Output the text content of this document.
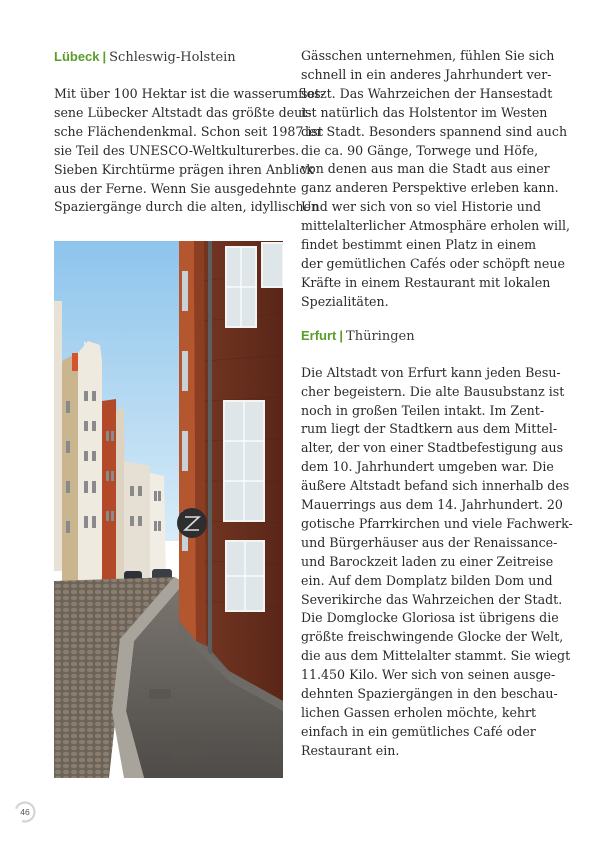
Lübeck | Schleswig-Holstein
Mit über 100 Hektar ist die wasserumflos-
sene Lübecker Altstadt das größte deut-
sche Flächendenkmal. Schon seit 1987 ist
sie Teil des UNESCO-Weltkulturerbes.
Sieben Kirchtürme prägen ihren Anblick
aus der Ferne. Wenn Sie ausgedehnte
Spaziergänge durch die alten, idyllischen
Gässchen unternehmen, fühlen Sie sich
schnell in ein anderes Jahrhundert ver-
setzt. Das Wahrzeichen der Hansestadt
ist natürlich das Holstentor im Westen
der Stadt. Besonders spannend sind auch
die ca. 90 Gänge, Torwege und Höfe,
von denen aus man die Stadt aus einer
ganz anderen Perspektive erleben kann.
Und wer sich von so viel Historie und
mittelalterlicher Atmosphäre erholen will,
findet bestimmt einen Platz in einem
der gemütlichen Cafés oder schöpft neue
Kräfte in einem Restaurant mit lokalen
Spezialitäten.
Erfurt | Thüringen
Die Altstadt von Erfurt kann jeden Besu-
cher begeistern. Die alte Bausubstanz ist
noch in großen Teilen intakt. Im Zent-
rum liegt der Stadtkern aus dem Mittel-
alter, der von einer Stadtbefestigung aus
dem 10. Jahrhundert umgeben war. Die
äußere Altstadt befand sich innerhalb des
Mauerrings aus dem 14. Jahrhundert. 20
gotische Pfarrkirchen und viele Fachwerk-
und Bürgerhäuser aus der Renaissance-
und Barockzeit laden zu einer Zeitreise
ein. Auf dem Domplatz bilden Dom und
Severikirche das Wahrzeichen der Stadt.
Die Domglocke Gloriosa ist übrigens die
größte freischwingende Glocke der Welt,
die aus dem Mittelalter stammt. Sie wiegt
11.450 Kilo. Wer sich von seinen ausge-
dehnten Spaziergängen in den beschau-
lichen Gassen erholen möchte, kehrt
einfach in ein gemütliches Café oder
Restaurant ein.
46
